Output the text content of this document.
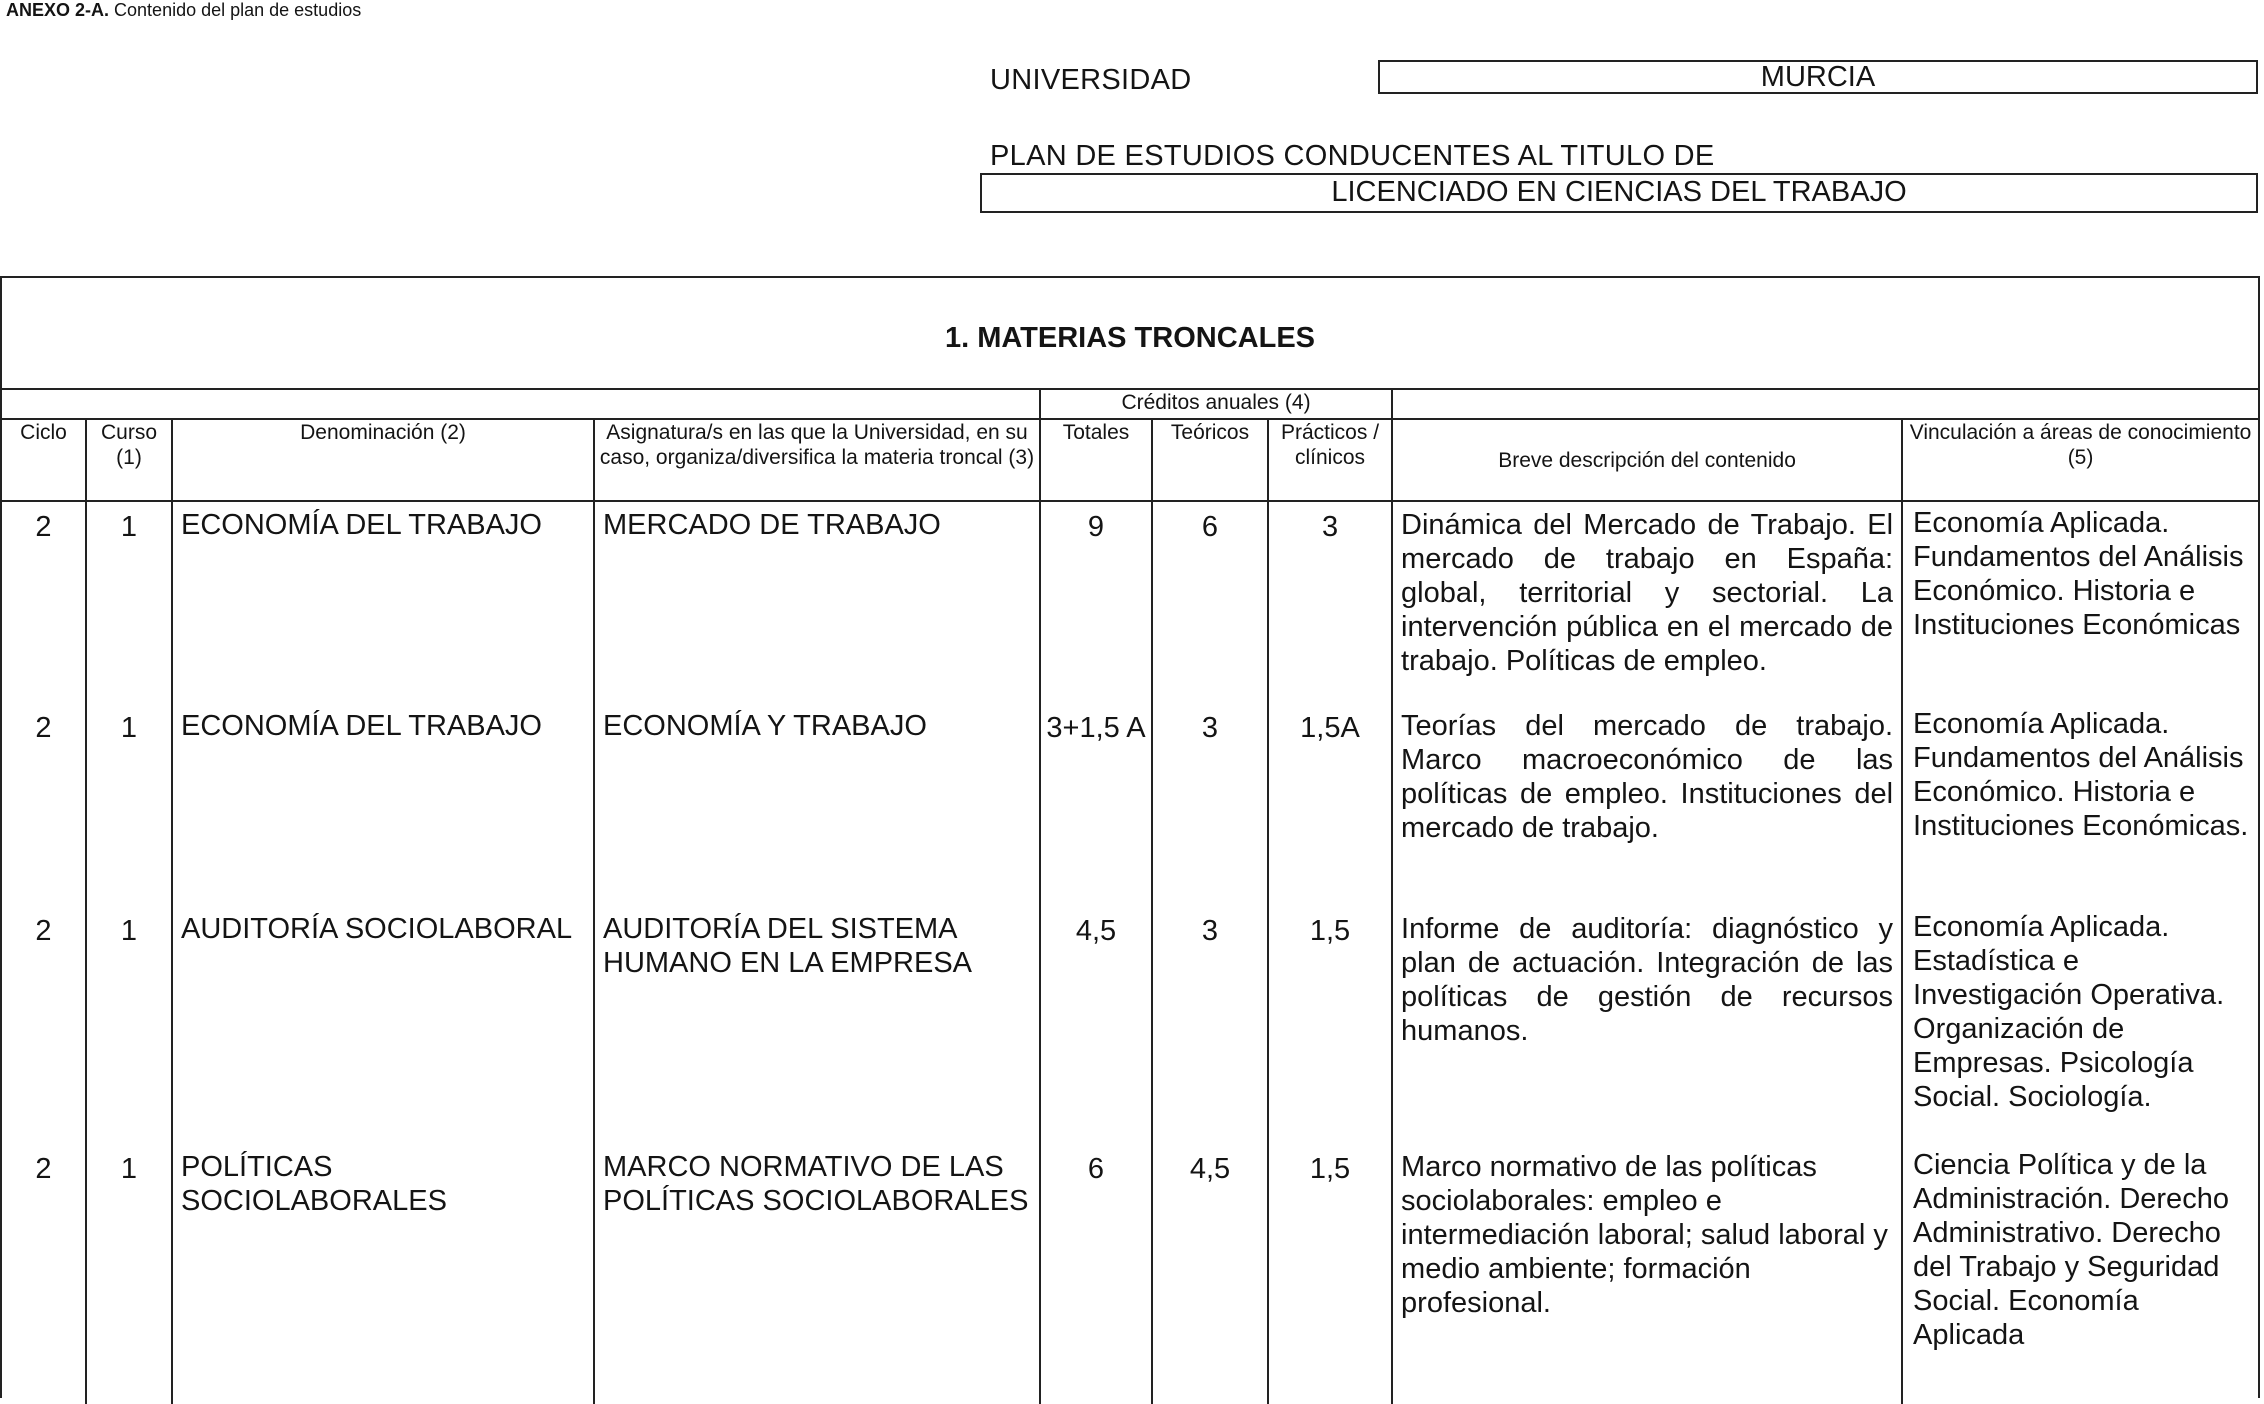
ANEXO 2-A. Contenido del plan de estudios
UNIVERSIDAD	MURCIA
PLAN DE ESTUDIOS CONDUCENTES AL TITULO DE
LICENCIADO EN CIENCIAS DEL TRABAJO
1. MATERIAS TRONCALES
				Créditos anuales (4)				
Ciclo	Curso (1)	Denominación (2)	Asignatura/s en las que la Universidad, en su caso, organiza/diversifica la materia troncal (3)	Totales	Teóricos	Prácticos / clínicos	Breve descripción del contenido	Vinculación a áreas de conocimiento (5)
2	1	ECONOMÍA DEL TRABAJO	MERCADO DE TRABAJO	9	6	3	Dinámica del Mercado de Trabajo. El mercado de trabajo en España: global, territorial y sectorial. La intervención pública en el mercado de trabajo. Políticas de empleo.	Economía Aplicada. Fundamentos del Análisis Económico. Historia e Instituciones Económicas
2	1	ECONOMÍA DEL TRABAJO	ECONOMÍA Y TRABAJO	3+1,5 A	3	1,5A	Teorías del mercado de trabajo. Marco macroeconómico de las políticas de empleo. Instituciones del mercado de trabajo.	Economía Aplicada. Fundamentos del Análisis Económico. Historia e Instituciones Económicas.
2	1	AUDITORÍA SOCIOLABORAL	AUDITORÍA DEL SISTEMA HUMANO EN LA EMPRESA	4,5	3	1,5	Informe de auditoría: diagnóstico y plan de actuación. Integración de las políticas de gestión de recursos humanos.	Economía Aplicada. Estadística e Investigación Operativa. Organización de Empresas. Psicología Social. Sociología.
2	1	POLÍTICAS SOCIOLABORALES	MARCO NORMATIVO DE LAS POLÍTICAS SOCIOLABORALES	6	4,5	1,5	Marco normativo de las políticas sociolaborales: empleo e intermediación laboral; salud laboral y medio ambiente; formación profesional.	Ciencia Política y de la Administración. Derecho Administrativo. Derecho del Trabajo y Seguridad Social. Economía Aplicada
